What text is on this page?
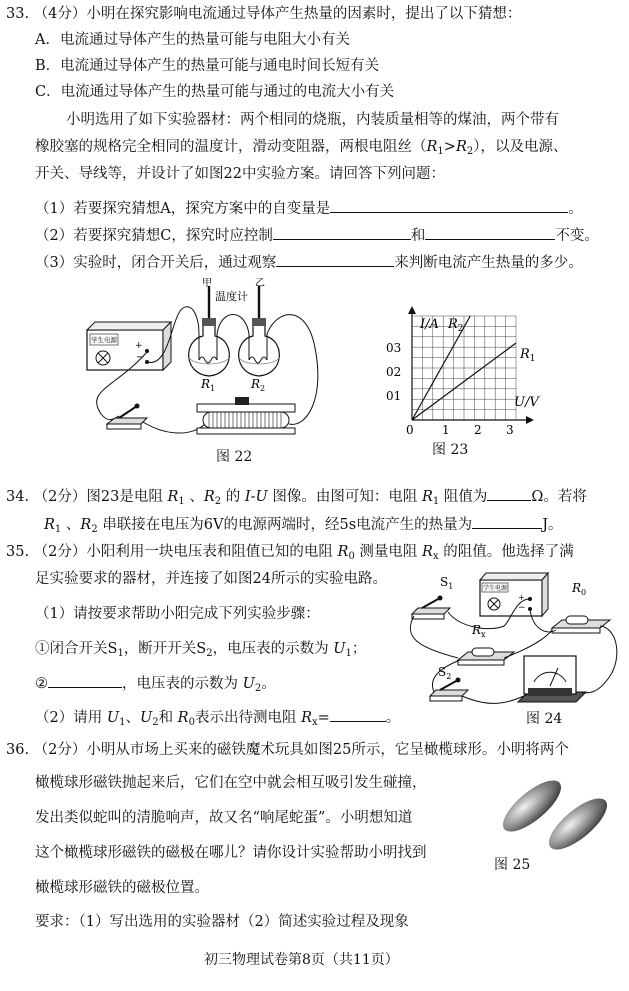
33. （4分）小明在探究影响电流通过导体产生热量的因素时，提出了以下猜想：
A．电流通过导体产生的热量可能与电阻大小有关
B．电流通过导体产生的热量可能与通电时间长短有关
C．电流通过导体产生的热量可能与通过的电流大小有关
小明选用了如下实验器材：两个相同的烧瓶，内装质量相等的煤油，两个带有
橡胶塞的规格完全相同的温度计，滑动变阻器，两根电阻丝$(R_1>R_2)$，以及电源、
开关、导线等，并设计了如图22中实验方案。请回答下列问题：
（1）若要探究猜想A，探究方案中的自变量是	。
（2）若要探究猜想C，探究时应控制	和	不变。
（3）实验时，闭合开关后，通过观察	来判断电流产生热量的多少。
学生电源
+
−
甲	乙
温度计
$R_1$	$R_2$
图 22
I/A $R_2$
$R_1$
U/V
03
02
01
0 1 2 3
图 23
34. （2分）图23是电阻 $R_1$ 、$R_2$ 的 I-U 图像。由图可知：电阻 $R_1$ 阻值为	Ω。若将
$R_1$ 、$R_2$ 串联接在电压为6V的电源两端时，经5s电流产生的热量为	J。
35. （2分）小阳利用一块电压表和阻值已知的电阻 $R_0$ 测量电阻 $R_x$ 的阻值。他选择了满
足实验要求的器材，并连接了如图24所示的实验电路。
（1）请按要求帮助小阳完成下列实验步骤：
①闭合开关$S_1$，断开开关$S_2$，电压表的示数为 $U_1$；
②	，电压表的示数为 $U_2$。
（2）请用 $U_1$、$U_2$和 $R_0$表示出待测电阻 $R_x=$	。
学生电源
+
−
$R_0$
$S_1$
$R_x$
$S_2$
图 24
36. （2分）小明从市场上买来的磁铁魔术玩具如图25所示，它呈橄榄球形。小明将两个
橄榄球形磁铁抛起来后，它们在空中就会相互吸引发生碰撞，
发出类似蛇叫的清脆响声，故又名“响尾蛇蛋”。小明想知道
这个橄榄球形磁铁的磁极在哪儿？请你设计实验帮助小明找到
橄榄球形磁铁的磁极位置。
要求：（1）写出选用的实验器材（2）简述实验过程及现象
图 25
初三物理试卷第8页（共11页）
